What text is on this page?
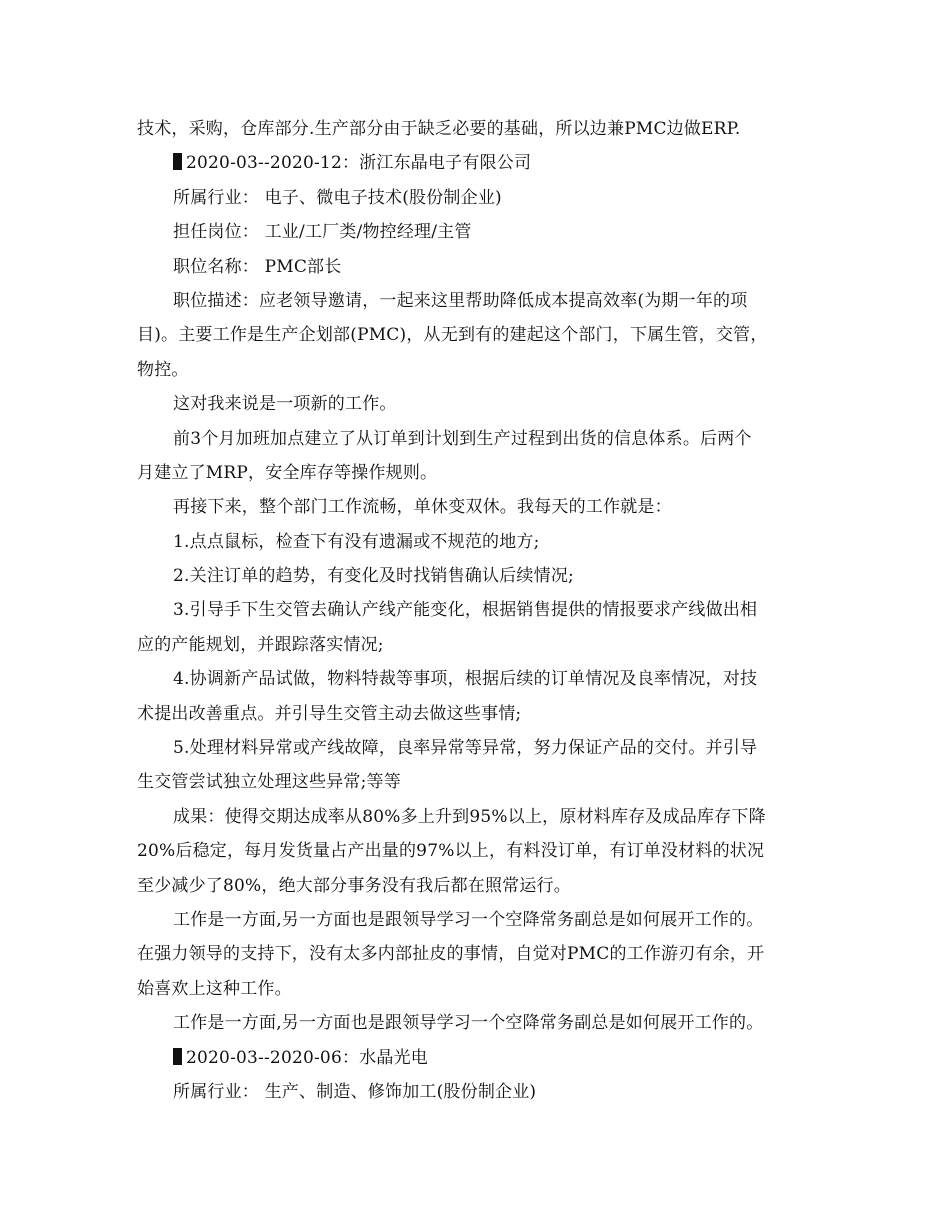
技术，采购，仓库部分.生产部分由于缺乏必要的基础，所以边兼PMC边做ERP.
2020-03--2020-12：浙江东晶电子有限公司
所属行业： 电子、微电子技术(股份制企业)
担任岗位： 工业/工厂类/物控经理/主管
职位名称： PMC部长
职位描述：应老领导邀请，一起来这里帮助降低成本提高效率(为期一年的项
目)。主要工作是生产企划部(PMC)，从无到有的建起这个部门，下属生管，交管，
物控。
这对我来说是一项新的工作。
前3个月加班加点建立了从订单到计划到生产过程到出货的信息体系。后两个
月建立了MRP，安全库存等操作规则。
再接下来，整个部门工作流畅，单休变双休。我每天的工作就是：
1.点点鼠标，检查下有没有遗漏或不规范的地方;
2.关注订单的趋势，有变化及时找销售确认后续情况;
3.引导手下生交管去确认产线产能变化，根据销售提供的情报要求产线做出相
应的产能规划，并跟踪落实情况;
4.协调新产品试做，物料特裁等事项，根据后续的订单情况及良率情况，对技
术提出改善重点。并引导生交管主动去做这些事情;
5.处理材料异常或产线故障，良率异常等异常，努力保证产品的交付。并引导
生交管尝试独立处理这些异常;等等
成果：使得交期达成率从80%多上升到95%以上，原材料库存及成品库存下降
20%后稳定，每月发货量占产出量的97%以上，有料没订单，有订单没材料的状况
至少减少了80%，绝大部分事务没有我后都在照常运行。
工作是一方面,另一方面也是跟领导学习一个空降常务副总是如何展开工作的。
在强力领导的支持下，没有太多内部扯皮的事情，自觉对PMC的工作游刃有余，开
始喜欢上这种工作。
工作是一方面,另一方面也是跟领导学习一个空降常务副总是如何展开工作的。
2020-03--2020-06：水晶光电
所属行业： 生产、制造、修饰加工(股份制企业)
